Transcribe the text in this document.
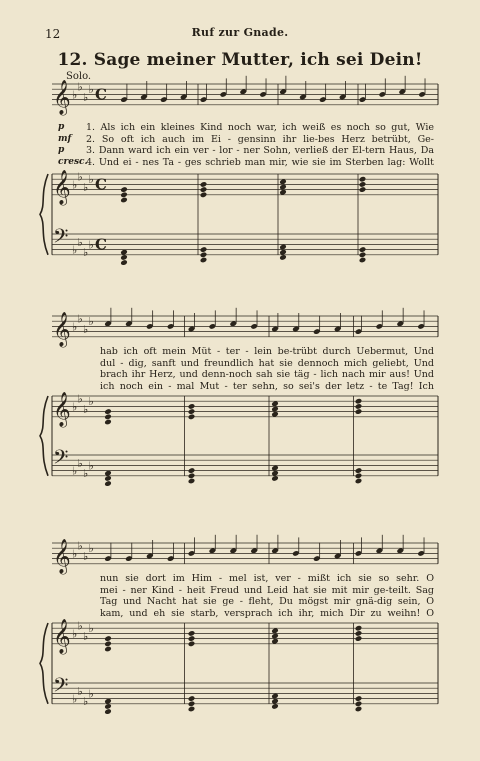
12	Ruf zur Gnade.
12. Sage meiner Mutter, ich sei Dein!
Solo.
𝄞 ♭
♭
♭
♭ C
𝄞 ♭
♭
♭
♭ C
𝄢 ♭
♭
♭
♭ C
𝄞 ♭
♭
♭
♭
𝄞 ♭
♭
♭
♭
𝄢 ♭
♭
♭
♭
𝄞 ♭
♭
♭
♭
𝄞 ♭
♭
♭
♭
𝄢 ♭
♭
♭
♭
p
mf
p
cresc.
1. Als ich ein kleines Kind noch war, ich weiß es noch so gut, Wie
2. So oft ich auch im Ei - gensinn ihr lie-bes Herz betrübt, Ge-
3. Dann ward ich ein ver - lor - ner Sohn, verließ der El-tern Haus, Da
4. Und ei - nes Ta - ges schrieb man mir, wie sie im Sterben lag: Wollt
hab ich oft mein Müt - ter - lein be-trübt durch Uebermut, Und
dul - dig, sanft und freundlich hat sie dennoch mich geliebt, Und
brach ihr Herz, und denn-noch sah sie täg - lich nach mir aus! Und
ich noch ein - mal Mut - ter sehn, so sei's der letz - te Tag! Ich
nun sie dort im Him - mel ist, ver - mißt ich sie so sehr. O
mei - ner Kind - heit Freud und Leid hat sie mit mir ge-teilt. Sag
Tag und Nacht hat sie ge - fleht, Du mögst mir gnä-dig sein, O
kam, und eh sie starb, versprach ich ihr, mich Dir zu weihn! O
